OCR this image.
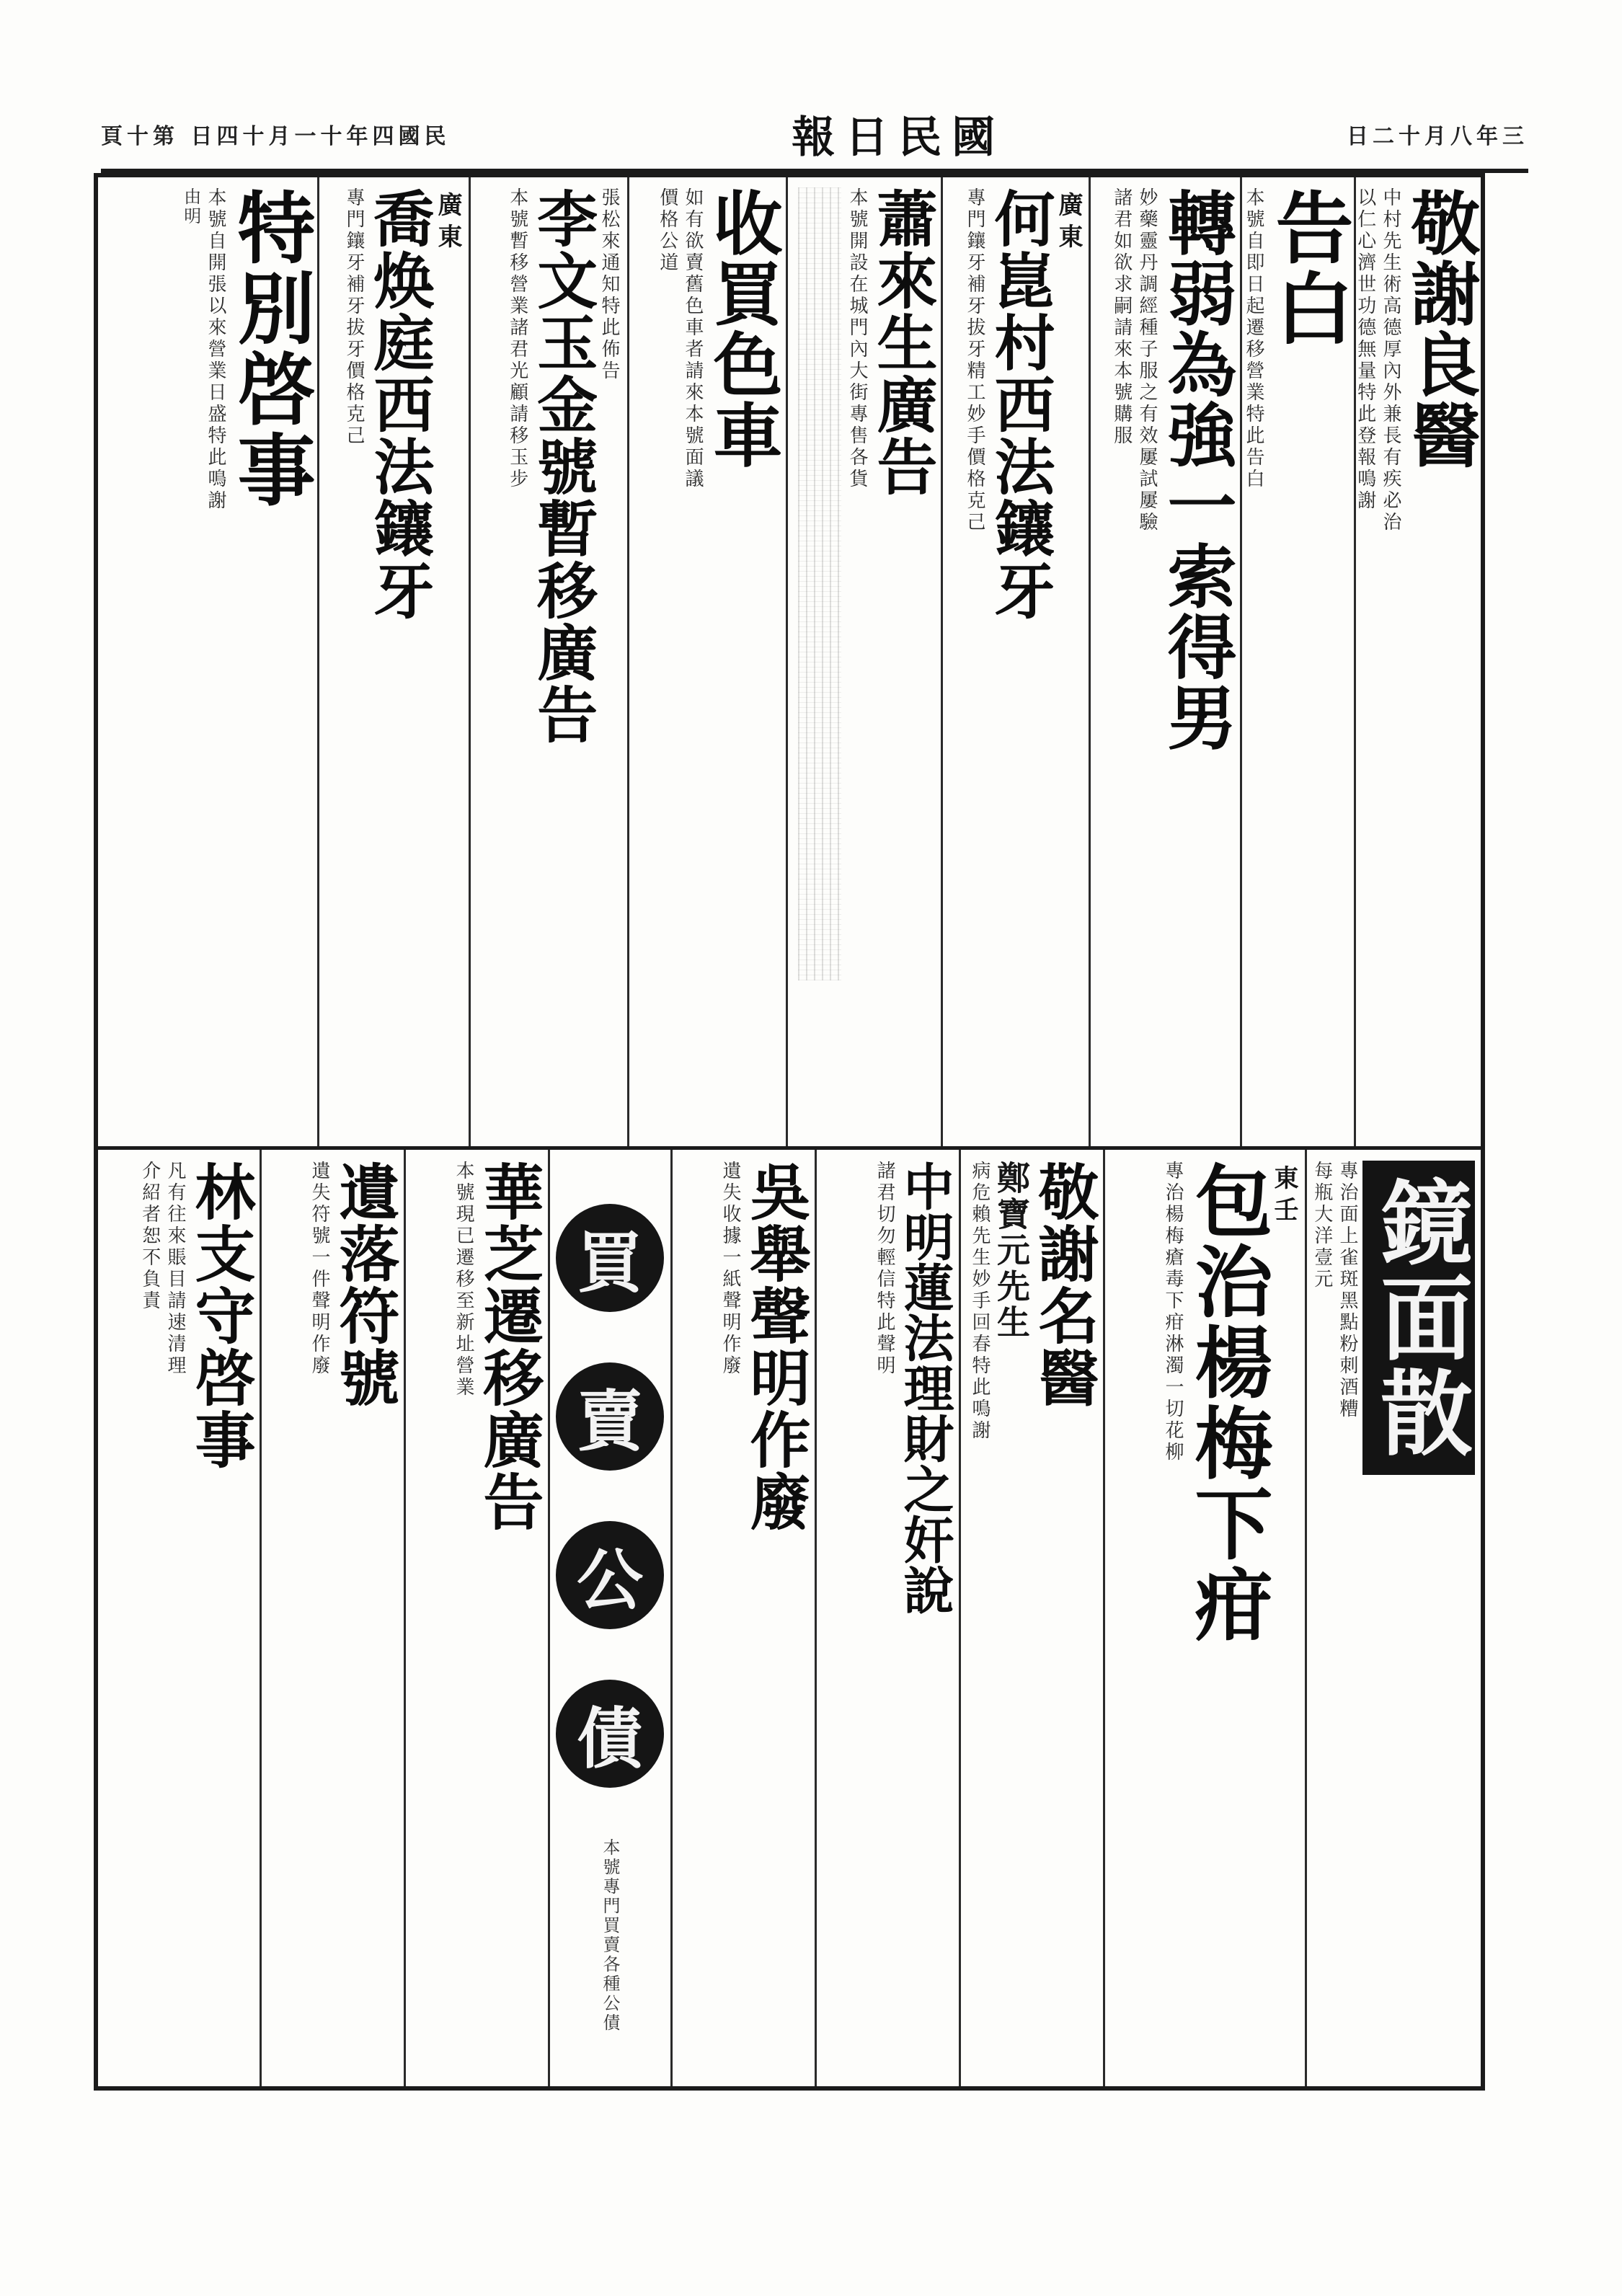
頁十第 日四十月一十年四國民	報日民國	日二十月八年三
敬謝良醫
中村先生術高德厚內外兼長有疾必治
以仁心濟世功德無量特此登報鳴謝
告白
本號自即日起遷移營業特此告白
轉弱為強一索得男
妙藥靈丹調經種子服之有效屢試屢驗
諸君如欲求嗣請來本號購服
廣東
何崑村西法鑲牙
專門鑲牙補牙拔牙精工妙手價格克己
蕭來生廣告
本號開設在城門內大街專售各貨
收買色車
如有欲賣舊色車者請來本號面議
價格公道
張松來通知特此佈告
李文玉金號暫移廣告
本號暫移營業諸君光顧請移玉步
廣東
喬焕庭西法鑲牙
專門鑲牙補牙拔牙價格克己
特別啓事
本號自開張以來營業日盛特此鳴謝
由明
鏡面散
專治面上雀斑黑點粉刺酒糟
每瓶大洋壹元
東壬
包治楊梅下疳
專治楊梅瘡毒下疳淋濁一切花柳
敬謝名醫
鄭寶元先生
病危賴先生妙手回春特此鳴謝
中明蓮法理財之奸說
諸君切勿輕信特此聲明
吳舉聲明作廢
遺失收據一紙聲明作廢
買
賣
公
債
本號專門買賣各種公債
華芝遷移廣告
本號現已遷移至新址營業
遺落符號
遺失符號一件聲明作廢
林支守啓事
凡有往來賬目請速清理
介紹者恕不負責
